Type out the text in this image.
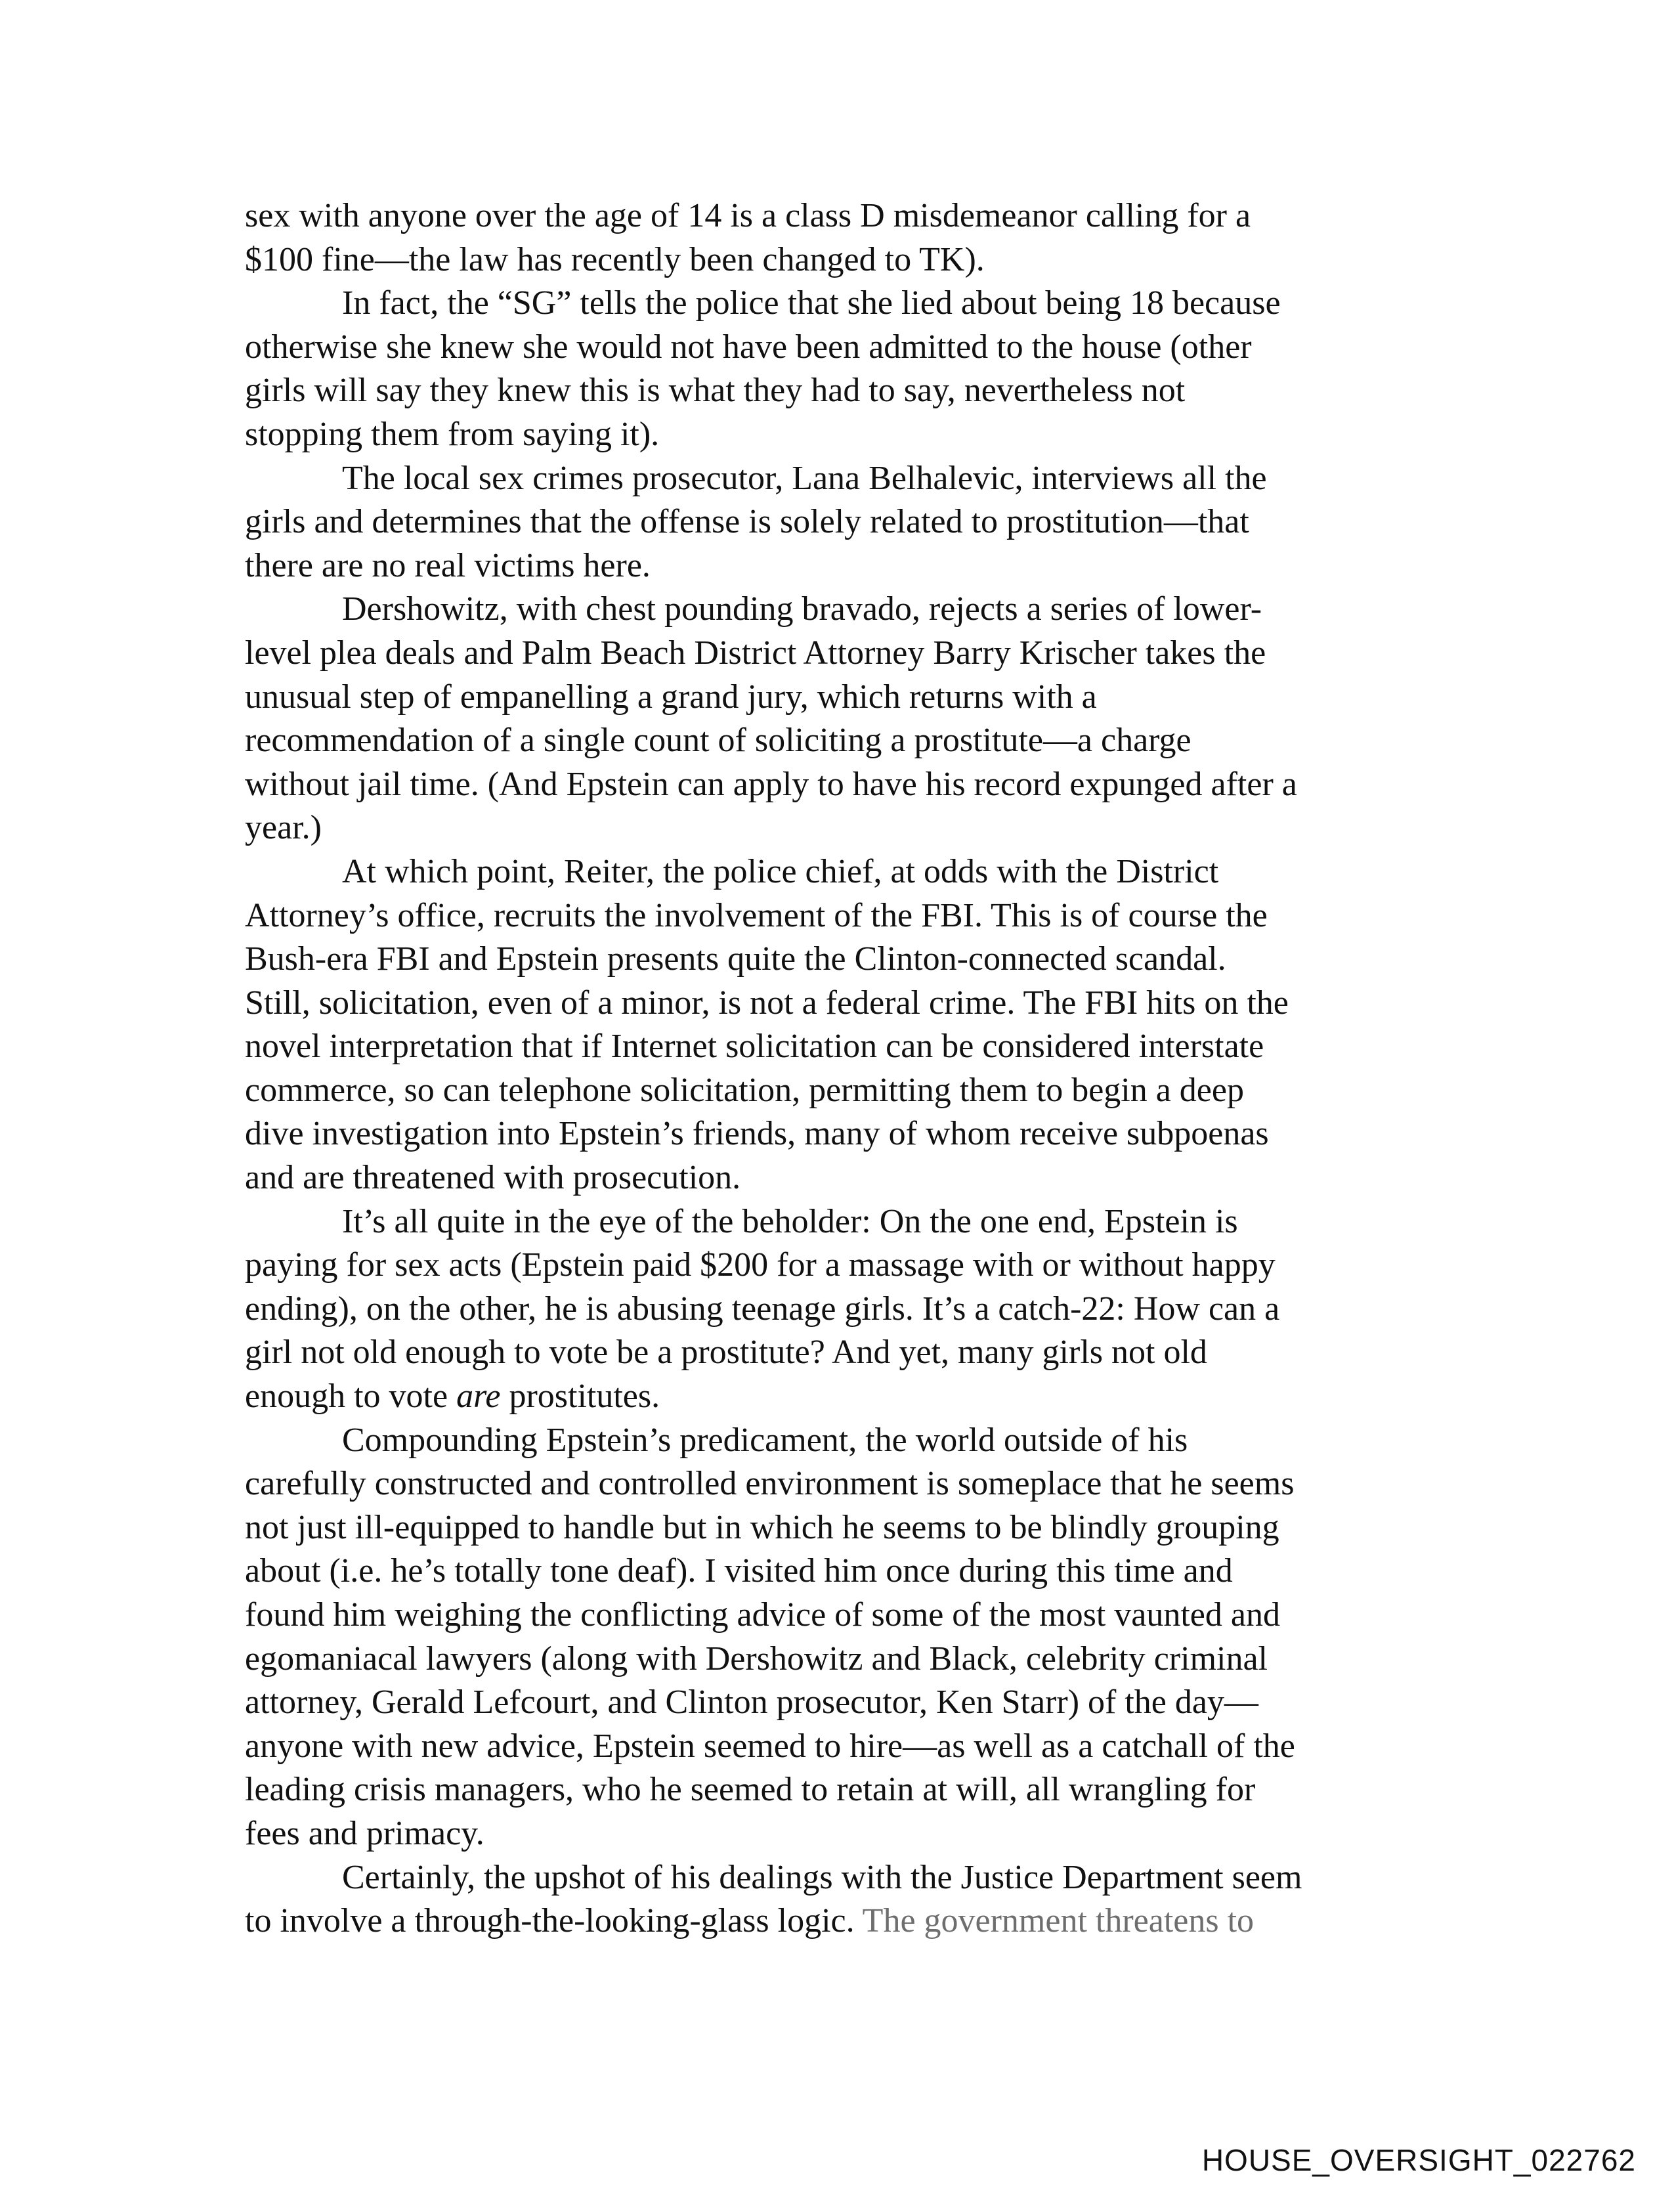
sex with anyone over the age of 14 is a class D misdemeanor calling for a
$100 fine—the law has recently been changed to TK).

In fact, the “SG” tells the police that she lied about being 18 because
otherwise she knew she would not have been admitted to the house (other
girls will say they knew this is what they had to say, nevertheless not
stopping them from saying it).

The local sex crimes prosecutor, Lana Belhalevic, interviews all the
girls and determines that the offense is solely related to prostitution—that
there are no real victims here.

Dershowitz, with chest pounding bravado, rejects a series of lower-
level plea deals and Palm Beach District Attorney Barry Krischer takes the
unusual step of empanelling a grand jury, which returns with a
recommendation of a single count of soliciting a prostitute—a charge
without jail time. (And Epstein can apply to have his record expunged after a
year.)

At which point, Reiter, the police chief, at odds with the District
Attorney’s office, recruits the involvement of the FBI. This is of course the
Bush-era FBI and Epstein presents quite the Clinton-connected scandal.
Still, solicitation, even of a minor, is not a federal crime. The FBI hits on the
novel interpretation that if Internet solicitation can be considered interstate
commerce, so can telephone solicitation, permitting them to begin a deep
dive investigation into Epstein’s friends, many of whom receive subpoenas
and are threatened with prosecution.

It’s all quite in the eye of the beholder: On the one end, Epstein is
paying for sex acts (Epstein paid $200 for a massage with or without happy
ending), on the other, he is abusing teenage girls. It’s a catch-22: How can a
girl not old enough to vote be a prostitute? And yet, many girls not old
enough to vote are prostitutes.

Compounding Epstein’s predicament, the world outside of his
carefully constructed and controlled environment is someplace that he seems
not just ill-equipped to handle but in which he seems to be blindly grouping
about (i.e. he’s totally tone deaf). I visited him once during this time and
found him weighing the conflicting advice of some of the most vaunted and
egomaniacal lawyers (along with Dershowitz and Black, celebrity criminal
attorney, Gerald Lefcourt, and Clinton prosecutor, Ken Starr) of the day—
anyone with new advice, Epstein seemed to hire—as well as a catchall of the
leading crisis managers, who he seemed to retain at will, all wrangling for
fees and primacy.

Certainly, the upshot of his dealings with the Justice Department seem
to involve a through-the-looking-glass logic. The government threatens to

HOUSE_OVERSIGHT_022762
